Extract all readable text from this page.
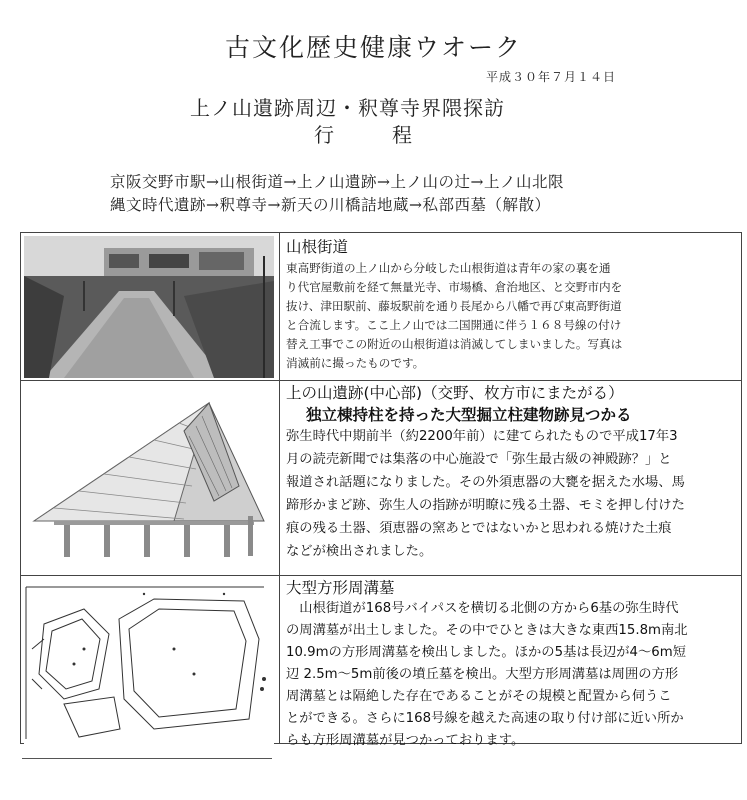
古文化歴史健康ウオーク
平成３０年７月１４日
上ノ山遺跡周辺・釈尊寺界隈探訪
行	程
京阪交野市駅→山根街道→上ノ山遺跡→上ノ山の辻→上ノ山北限
縄文時代遺跡→釈尊寺→新天の川橋詰地蔵→私部西墓（解散）
山根街道
東高野街道の上ノ山から分岐した山根街道は青年の家の裏を通
り代官屋敷前を経て無量光寺、市場橋、倉治地区、と交野市内を
抜け、津田駅前、藤坂駅前を通り長尾から八幡で再び東高野街道
と合流します。ここ上ノ山では二国開通に伴う１６８号線の付け
替え工事でこの附近の山根街道は消滅してしまいました。写真は
消滅前に撮ったものです。
上の山遺跡(中心部)（交野、枚方市にまたがる）
独立棟持柱を持った大型掘立柱建物跡見つかる
弥生時代中期前半（約2200年前）に建てられたもので平成17年3
月の読売新聞では集落の中心施設で「弥生最古級の神殿跡？」と
報道され話題になりました。その外須恵器の大甕を据えた水場、馬
蹄形かまど跡、弥生人の指跡が明瞭に残る土器、モミを押し付けた
痕の残る土器、須恵器の窯あとではないかと思われる焼けた土痕
などが検出されました。
大型方形周溝墓
　山根街道が168号バイパスを横切る北側の方から6基の弥生時代
の周溝墓が出土しました。その中でひときは大きな東西15.8m南北
10.9mの方形周溝墓を検出しました。ほかの5基は長辺が4～6m短
辺 2.5m～5m前後の墳丘墓を検出。大型方形周溝墓は周囲の方形
周溝墓とは隔絶した存在であることがその規模と配置から伺うこ
とができる。さらに168号線を越えた高速の取り付け部に近い所か
らも方形周溝墓が見つかっております。
